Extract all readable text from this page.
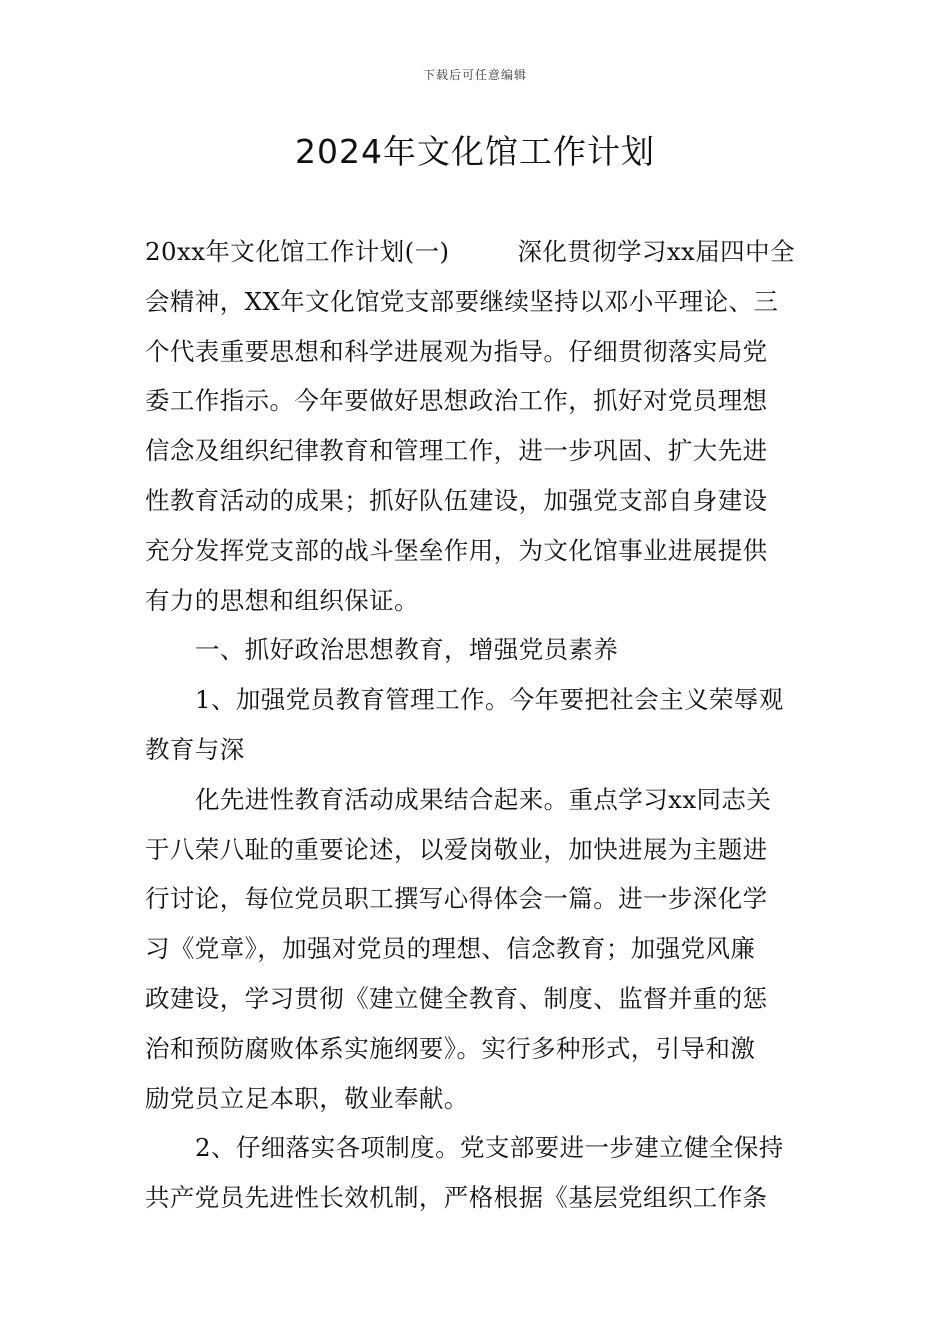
下载后可任意编辑
2024年文化馆工作计划
20xx年文化馆工作计划(一)	深化贯彻学习xx届四中全
会精神，XX年文化馆党支部要继续坚持以邓小平理论、三
个代表重要思想和科学进展观为指导。仔细贯彻落实局党
委工作指示。今年要做好思想政治工作，抓好对党员理想
信念及组织纪律教育和管理工作，进一步巩固、扩大先进
性教育活动的成果；抓好队伍建设，加强党支部自身建设
充分发挥党支部的战斗堡垒作用，为文化馆事业进展提供
有力的思想和组织保证。
一、抓好政治思想教育，增强党员素养
1、加强党员教育管理工作。今年要把社会主义荣辱观
教育与深
化先进性教育活动成果结合起来。重点学习xx同志关
于八荣八耻的重要论述，以爱岗敬业，加快进展为主题进
行讨论，每位党员职工撰写心得体会一篇。进一步深化学
习《党章》，加强对党员的理想、信念教育；加强党风廉
政建设，学习贯彻《建立健全教育、制度、监督并重的惩
治和预防腐败体系实施纲要》。实行多种形式，引导和激
励党员立足本职，敬业奉献。
2、仔细落实各项制度。党支部要进一步建立健全保持
共产党员先进性长效机制，严格根据《基层党组织工作条
